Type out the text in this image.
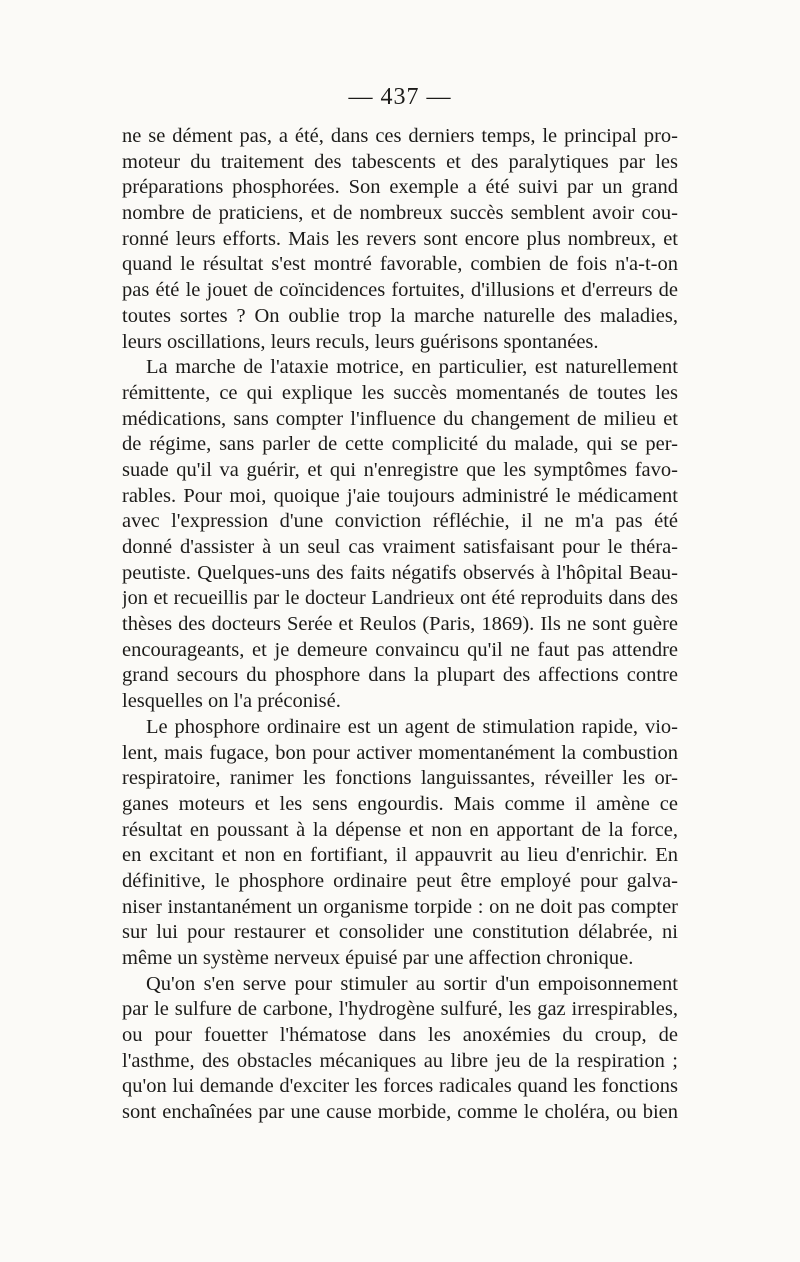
— 437 —
ne se dément pas, a été, dans ces derniers temps, le principal pro-
moteur du traitement des tabescents et des paralytiques par les
préparations phosphorées. Son exemple a été suivi par un grand
nombre de praticiens, et de nombreux succès semblent avoir cou-
ronné leurs efforts. Mais les revers sont encore plus nombreux, et
quand le résultat s'est montré favorable, combien de fois n'a-t-on
pas été le jouet de coïncidences fortuites, d'illusions et d'erreurs de
toutes sortes ? On oublie trop la marche naturelle des maladies,
leurs oscillations, leurs reculs, leurs guérisons spontanées.
La marche de l'ataxie motrice, en particulier, est naturellement
rémittente, ce qui explique les succès momentanés de toutes les
médications, sans compter l'influence du changement de milieu et
de régime, sans parler de cette complicité du malade, qui se per-
suade qu'il va guérir, et qui n'enregistre que les symptômes favo-
rables. Pour moi, quoique j'aie toujours administré le médicament
avec l'expression d'une conviction réfléchie, il ne m'a pas été
donné d'assister à un seul cas vraiment satisfaisant pour le théra-
peutiste. Quelques-uns des faits négatifs observés à l'hôpital Beau-
jon et recueillis par le docteur Landrieux ont été reproduits dans des
thèses des docteurs Serée et Reulos (Paris, 1869). Ils ne sont guère
encourageants, et je demeure convaincu qu'il ne faut pas attendre
grand secours du phosphore dans la plupart des affections contre
lesquelles on l'a préconisé.
Le phosphore ordinaire est un agent de stimulation rapide, vio-
lent, mais fugace, bon pour activer momentanément la combustion
respiratoire, ranimer les fonctions languissantes, réveiller les or-
ganes moteurs et les sens engourdis. Mais comme il amène ce
résultat en poussant à la dépense et non en apportant de la force,
en excitant et non en fortifiant, il appauvrit au lieu d'enrichir. En
définitive, le phosphore ordinaire peut être employé pour galva-
niser instantanément un organisme torpide : on ne doit pas compter
sur lui pour restaurer et consolider une constitution délabrée, ni
même un système nerveux épuisé par une affection chronique.
Qu'on s'en serve pour stimuler au sortir d'un empoisonnement
par le sulfure de carbone, l'hydrogène sulfuré, les gaz irrespirables,
ou pour fouetter l'hématose dans les anoxémies du croup, de
l'asthme, des obstacles mécaniques au libre jeu de la respiration ;
qu'on lui demande d'exciter les forces radicales quand les fonctions
sont enchaînées par une cause morbide, comme le choléra, ou bien
